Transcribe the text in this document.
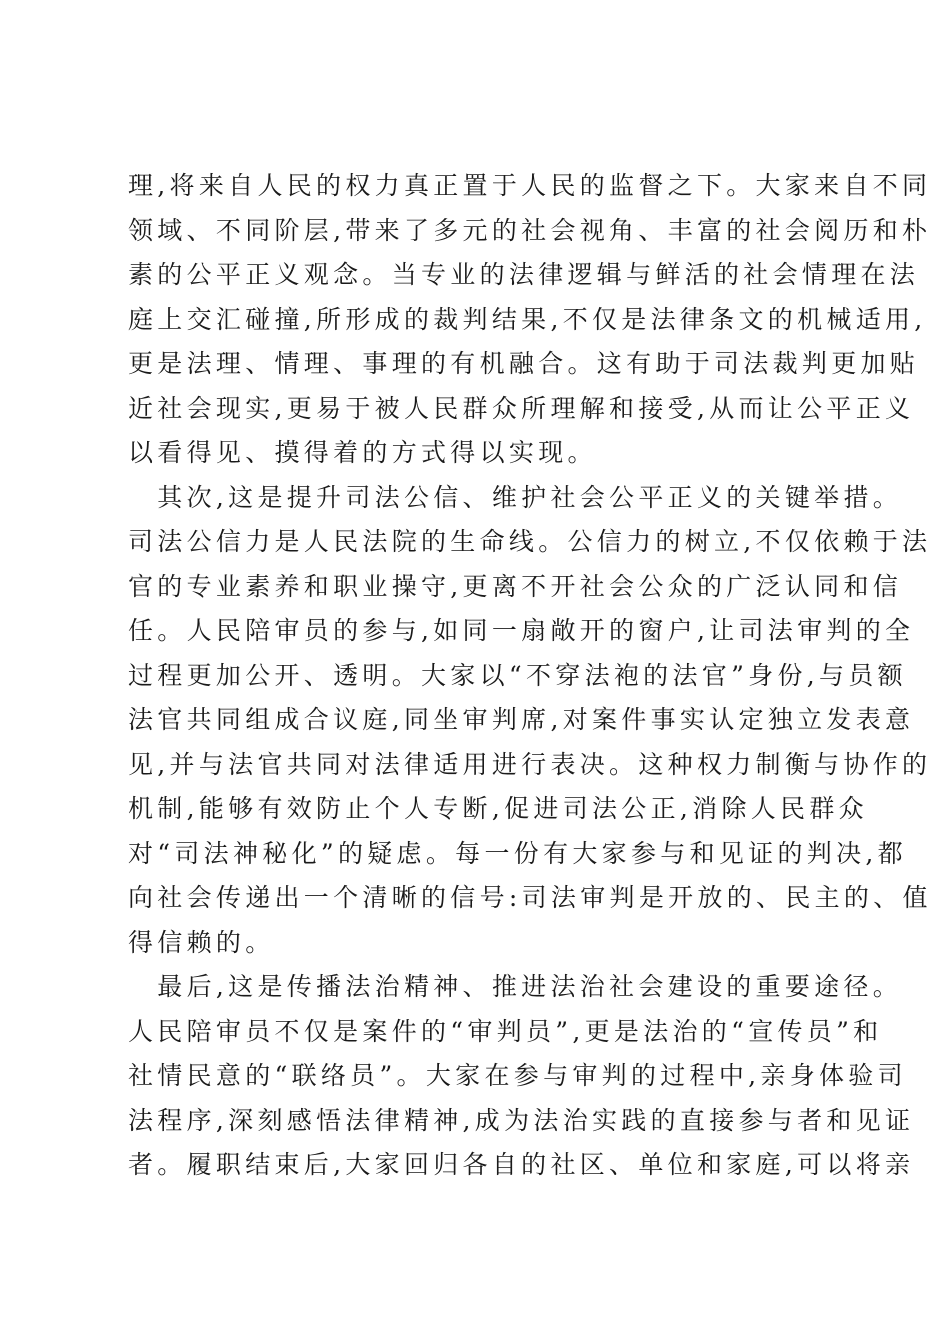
理,将来自人民的权力真正置于人民的监督之下。大家来自不同
领域、不同阶层,带来了多元的社会视角、丰富的社会阅历和朴
素的公平正义观念。当专业的法律逻辑与鲜活的社会情理在法
庭上交汇碰撞,所形成的裁判结果,不仅是法律条文的机械适用,
更是法理、情理、事理的有机融合。这有助于司法裁判更加贴
近社会现实,更易于被人民群众所理解和接受,从而让公平正义
以看得见、摸得着的方式得以实现。
　其次,这是提升司法公信、维护社会公平正义的关键举措。
司法公信力是人民法院的生命线。公信力的树立,不仅依赖于法
官的专业素养和职业操守,更离不开社会公众的广泛认同和信
任。人民陪审员的参与,如同一扇敞开的窗户,让司法审判的全
过程更加公开、透明。大家以“不穿法袍的法官”身份,与员额
法官共同组成合议庭,同坐审判席,对案件事实认定独立发表意
见,并与法官共同对法律适用进行表决。这种权力制衡与协作的
机制,能够有效防止个人专断,促进司法公正,消除人民群众
对“司法神秘化”的疑虑。每一份有大家参与和见证的判决,都
向社会传递出一个清晰的信号:司法审判是开放的、民主的、值
得信赖的。
　最后,这是传播法治精神、推进法治社会建设的重要途径。
人民陪审员不仅是案件的“审判员”,更是法治的“宣传员”和
社情民意的“联络员”。大家在参与审判的过程中,亲身体验司
法程序,深刻感悟法律精神,成为法治实践的直接参与者和见证
者。履职结束后,大家回归各自的社区、单位和家庭,可以将亲
